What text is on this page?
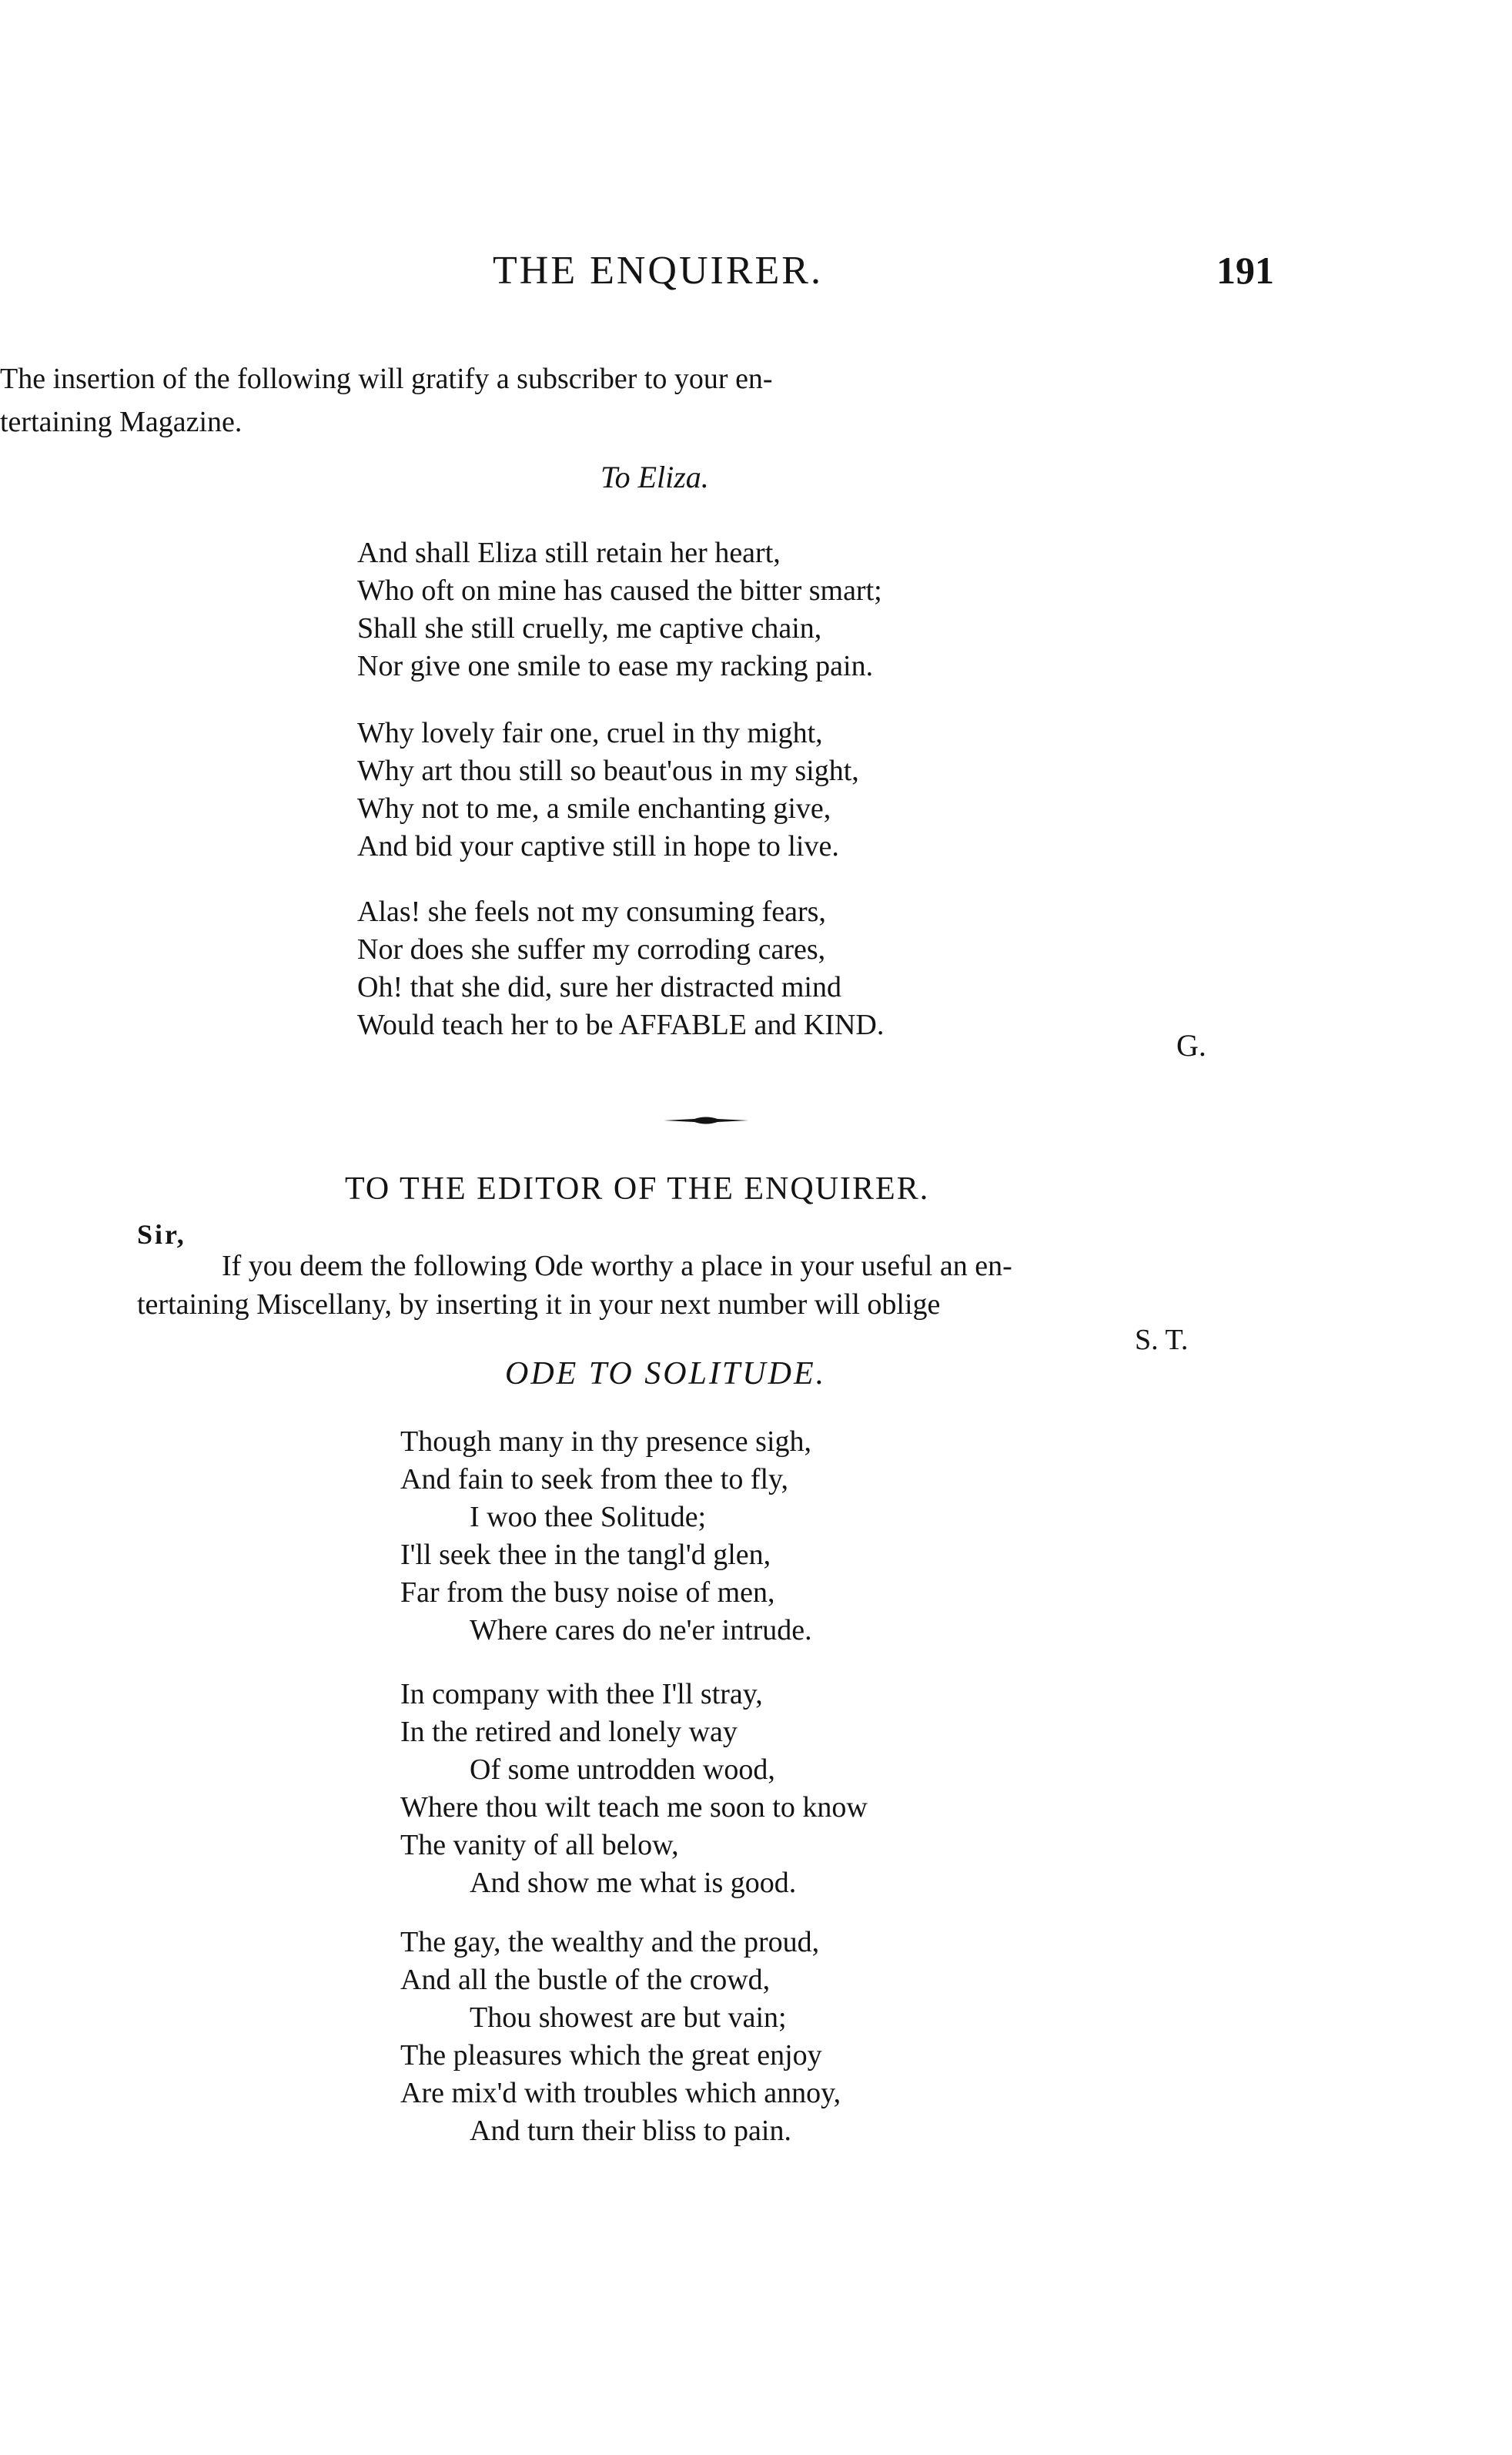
THE ENQUIRER.	191
The insertion of the following will gratify a subscriber to your en-
tertaining Magazine.
To Eliza.
And shall Eliza still retain her heart,
Who oft on mine has caused the bitter smart;
Shall she still cruelly, me captive chain,
Nor give one smile to ease my racking pain.
Why lovely fair one, cruel in thy might,
Why art thou still so beaut'ous in my sight,
Why not to me, a smile enchanting give,
And bid your captive still in hope to live.
Alas! she feels not my consuming fears,
Nor does she suffer my corroding cares,
Oh! that she did, sure her distracted mind
Would teach her to be AFFABLE and KIND.
G.
TO THE EDITOR OF THE ENQUIRER.
Sir,
If you deem the following Ode worthy a place in your useful an en-
tertaining Miscellany, by inserting it in your next number will oblige
S. T.
ODE TO SOLITUDE.
Though many in thy presence sigh,
And fain to seek from thee to fly,
I woo thee Solitude;
I'll seek thee in the tangl'd glen,
Far from the busy noise of men,
Where cares do ne'er intrude.
In company with thee I'll stray,
In the retired and lonely way
Of some untrodden wood,
Where thou wilt teach me soon to know
The vanity of all below,
And show me what is good.
The gay, the wealthy and the proud,
And all the bustle of the crowd,
Thou showest are but vain;
The pleasures which the great enjoy
Are mix'd with troubles which annoy,
And turn their bliss to pain.
